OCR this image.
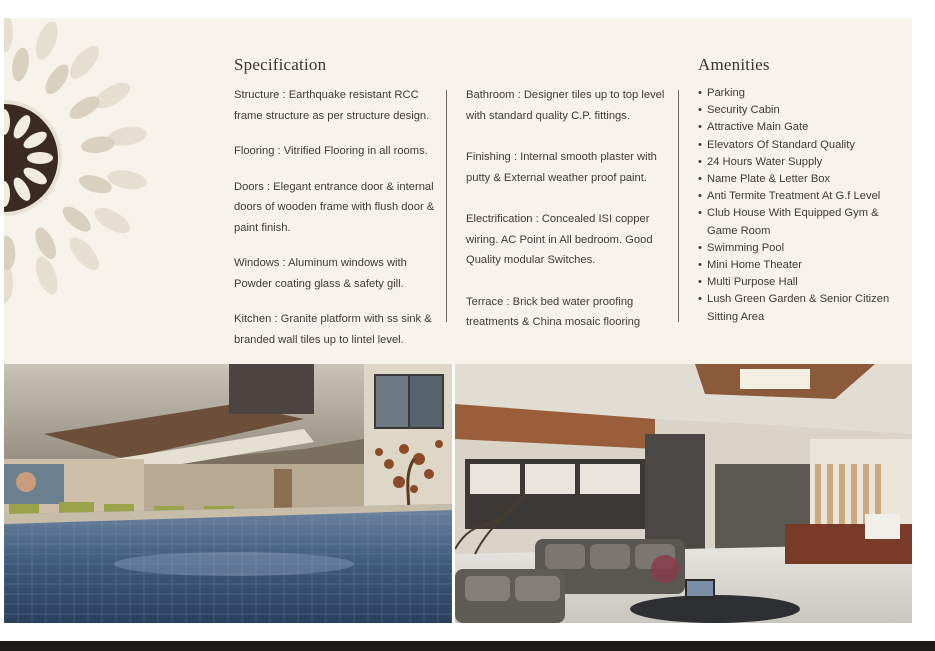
Specification

Structure : Earthquake resistant RCC frame structure as per structure design.

Flooring : Vitrified Flooring in all rooms.

Doors : Elegant entrance door & internal doors of wooden frame with flush door & paint finish.

Windows : Aluminum windows with Powder coating glass & safety gill.

Kitchen : Granite platform with ss sink & branded wall tiles up to lintel level.

Bathroom : Designer tiles up to top level with standard quality C.P. fittings.

Finishing : Internal smooth plaster with putty & External weather proof paint.

Electrification : Concealed ISI copper wiring. AC Point in All bedroom. Good Quality modular Switches.

Terrace : Brick bed water proofing treatments & China mosaic flooring

Amenities
• Parking
• Security Cabin
• Attractive Main Gate
• Elevators Of Standard Quality
• 24 Hours Water Supply
• Name Plate & Letter Box
• Anti Termite Treatment At G.f Level
• Club House With Equipped Gym & Game Room
• Swimming Pool
• Mini Home Theater
• Multi Purpose Hall
• Lush Green Garden & Senior Citizen Sitting Area
